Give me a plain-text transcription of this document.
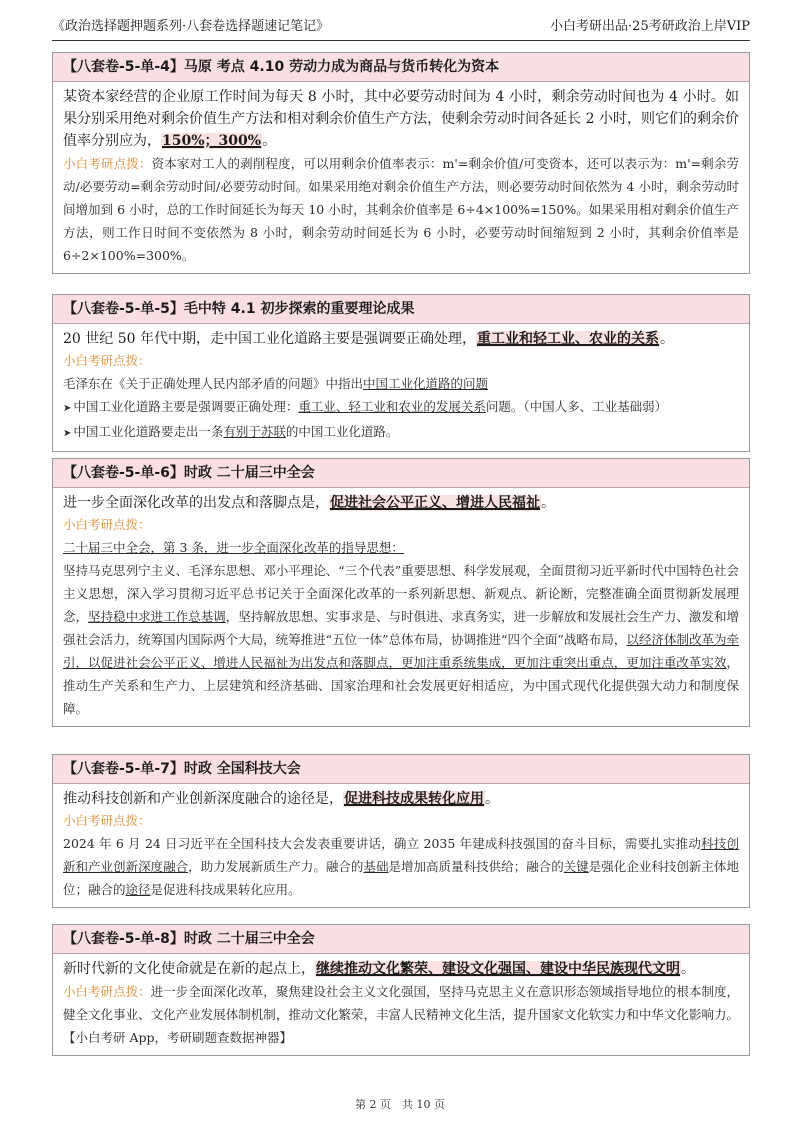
《政治选择题押题系列·八套卷选择题速记笔记》	小白考研出品·25考研政治上岸VIP
【八套卷-5-单-4】马原 考点 4.10 劳动力成为商品与货币转化为资本

某资本家经营的企业原工作时间为每天 8 小时，其中必要劳动时间为 4 小时，剩余劳动时间也为 4 小时。如果分别采用绝对剩余价值生产方法和相对剩余价值生产方法，使剩余劳动时间各延长 2 小时，则它们的剩余价值率分别应为，150%；300%。

小白考研点拨：资本家对工人的剥削程度，可以用剩余价值率表示：m'=剩余价值/可变资本，还可以表示为：m'=剩余劳动/必要劳动=剩余劳动时间/必要劳动时间。如果采用绝对剩余价值生产方法，则必要劳动时间依然为 4 小时，剩余劳动时间增加到 6 小时，总的工作时间延长为每天 10 小时，其剩余价值率是 6÷4×100%=150%。如果采用相对剩余价值生产方法，则工作日时间不变依然为 8 小时，剩余劳动时间延长为 6 小时，必要劳动时间缩短到 2 小时，其剩余价值率是 6÷2×100%=300%。

【八套卷-5-单-5】毛中特 4.1 初步探索的重要理论成果

20 世纪 50 年代中期，走中国工业化道路主要是强调要正确处理，重工业和轻工业、农业的关系。

小白考研点拨：

毛泽东在《关于正确处理人民内部矛盾的问题》中指出中国工业化道路的问题

➤ 中国工业化道路主要是强调要正确处理：重工业、轻工业和农业的发展关系问题。（中国人多、工业基础弱）

➤ 中国工业化道路要走出一条有别于苏联的中国工业化道路。

【八套卷-5-单-6】时政 二十届三中全会

进一步全面深化改革的出发点和落脚点是，促进社会公平正义、增进人民福祉。

小白考研点拨：

二十届三中全会，第 3 条，进一步全面深化改革的指导思想：

坚持马克思列宁主义、毛泽东思想、邓小平理论、“三个代表”重要思想、科学发展观，全面贯彻习近平新时代中国特色社会主义思想，深入学习贯彻习近平总书记关于全面深化改革的一系列新思想、新观点、新论断，完整准确全面贯彻新发展理念，坚持稳中求进工作总基调，坚持解放思想、实事求是、与时俱进、求真务实，进一步解放和发展社会生产力、激发和增强社会活力，统筹国内国际两个大局，统筹推进“五位一体”总体布局，协调推进“四个全面”战略布局，以经济体制改革为牵引，以促进社会公平正义、增进人民福祉为出发点和落脚点，更加注重系统集成，更加注重突出重点，更加注重改革实效，推动生产关系和生产力、上层建筑和经济基础、国家治理和社会发展更好相适应，为中国式现代化提供强大动力和制度保障。

【八套卷-5-单-7】时政 全国科技大会

推动科技创新和产业创新深度融合的途径是，促进科技成果转化应用。

小白考研点拨：

2024 年 6 月 24 日习近平在全国科技大会发表重要讲话，确立 2035 年建成科技强国的奋斗目标，需要扎实推动科技创新和产业创新深度融合，助力发展新质生产力。融合的基础是增加高质量科技供给；融合的关键是强化企业科技创新主体地位；融合的途径是促进科技成果转化应用。

【八套卷-5-单-8】时政 二十届三中全会

新时代新的文化使命就是在新的起点上，继续推动文化繁荣、建设文化强国、建设中华民族现代文明。

小白考研点拨：进一步全面深化改革，聚焦建设社会主义文化强国，坚持马克思主义在意识形态领域指导地位的根本制度，健全文化事业、文化产业发展体制机制，推动文化繁荣，丰富人民精神文化生活，提升国家文化软实力和中华文化影响力。【小白考研 App，考研刷题查数据神器】

第 2 页　共 10 页
